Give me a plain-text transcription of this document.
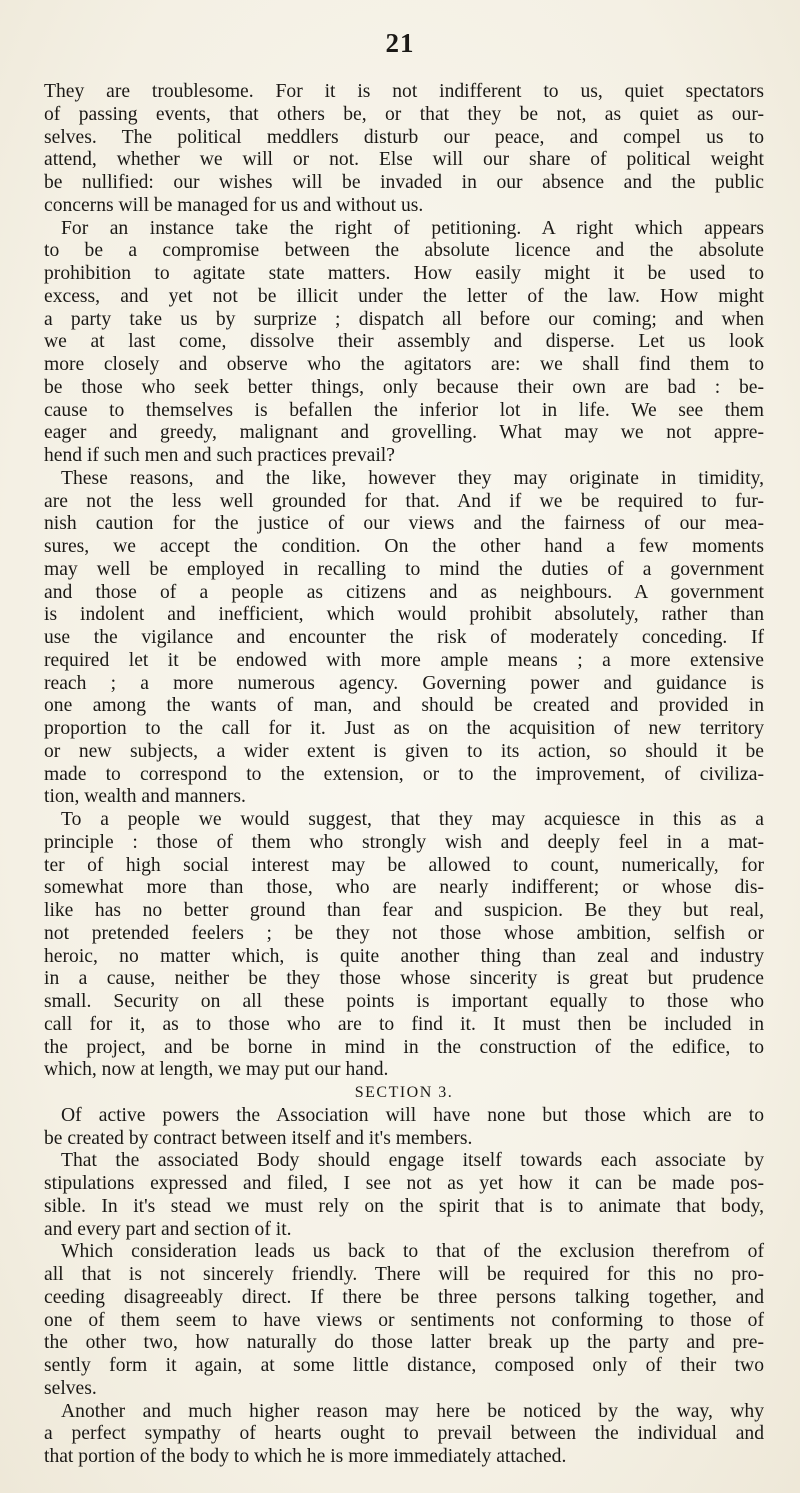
21
They are troublesome. For it is not indifferent to us, quiet spectators
of passing events, that others be, or that they be not, as quiet as our-
selves. The political meddlers disturb our peace, and compel us to
attend, whether we will or not. Else will our share of political weight
be nullified: our wishes will be invaded in our absence and the public
concerns will be managed for us and without us.
For an instance take the right of petitioning. A right which appears
to be a compromise between the absolute licence and the absolute
prohibition to agitate state matters. How easily might it be used to
excess, and yet not be illicit under the letter of the law. How might
a party take us by surprize ; dispatch all before our coming; and when
we at last come, dissolve their assembly and disperse. Let us look
more closely and observe who the agitators are: we shall find them to
be those who seek better things, only because their own are bad : be-
cause to themselves is befallen the inferior lot in life. We see them
eager and greedy, malignant and grovelling. What may we not appre-
hend if such men and such practices prevail?
These reasons, and the like, however they may originate in timidity,
are not the less well grounded for that. And if we be required to fur-
nish caution for the justice of our views and the fairness of our mea-
sures, we accept the condition. On the other hand a few moments
may well be employed in recalling to mind the duties of a government
and those of a people as citizens and as neighbours. A government
is indolent and inefficient, which would prohibit absolutely, rather than
use the vigilance and encounter the risk of moderately conceding. If
required let it be endowed with more ample means ; a more extensive
reach ; a more numerous agency. Governing power and guidance is
one among the wants of man, and should be created and provided in
proportion to the call for it. Just as on the acquisition of new territory
or new subjects, a wider extent is given to its action, so should it be
made to correspond to the extension, or to the improvement, of civiliza-
tion, wealth and manners.
To a people we would suggest, that they may acquiesce in this as a
principle : those of them who strongly wish and deeply feel in a mat-
ter of high social interest may be allowed to count, numerically, for
somewhat more than those, who are nearly indifferent; or whose dis-
like has no better ground than fear and suspicion. Be they but real,
not pretended feelers ; be they not those whose ambition, selfish or
heroic, no matter which, is quite another thing than zeal and industry
in a cause, neither be they those whose sincerity is great but prudence
small. Security on all these points is important equally to those who
call for it, as to those who are to find it. It must then be included in
the project, and be borne in mind in the construction of the edifice, to
which, now at length, we may put our hand.
SECTION 3.
Of active powers the Association will have none but those which are to
be created by contract between itself and it's members.
That the associated Body should engage itself towards each associate by
stipulations expressed and filed, I see not as yet how it can be made pos-
sible. In it's stead we must rely on the spirit that is to animate that body,
and every part and section of it.
Which consideration leads us back to that of the exclusion therefrom of
all that is not sincerely friendly. There will be required for this no pro-
ceeding disagreeably direct. If there be three persons talking together, and
one of them seem to have views or sentiments not conforming to those of
the other two, how naturally do those latter break up the party and pre-
sently form it again, at some little distance, composed only of their two
selves.
Another and much higher reason may here be noticed by the way, why
a perfect sympathy of hearts ought to prevail between the individual and
that portion of the body to which he is more immediately attached.
